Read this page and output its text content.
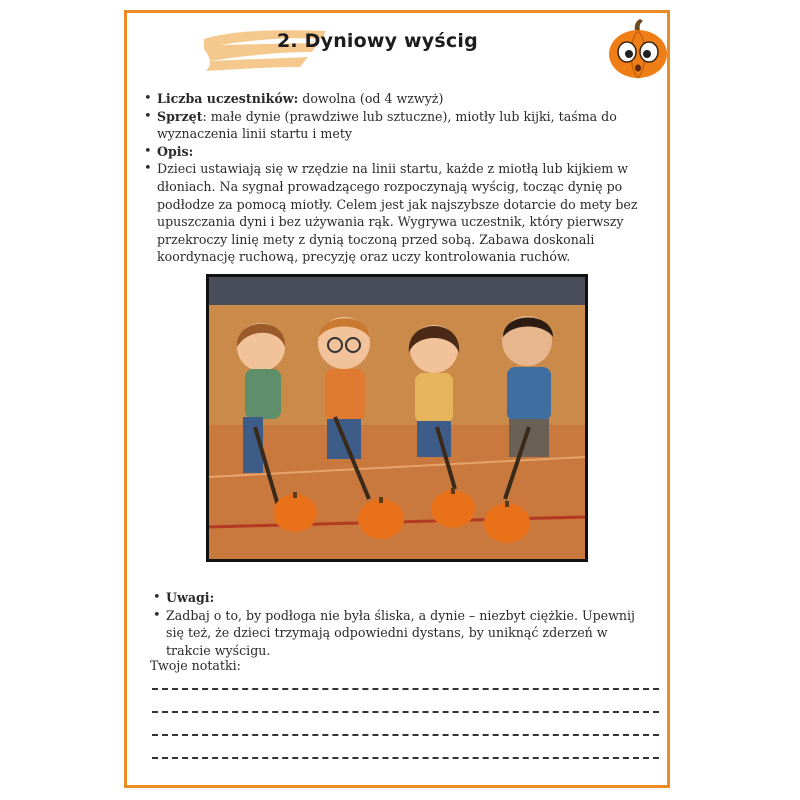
2. Dyniowy wyścig
• Liczba uczestników: dowolna (od 4 wzwyż)
• Sprzęt: małe dynie (prawdziwe lub sztuczne), miotły lub kijki, taśma do wyznaczenia linii startu i mety
• Opis:
• Dzieci ustawiają się w rzędzie na linii startu, każde z miotłą lub kijkiem w dłoniach. Na sygnał prowadzącego rozpoczynają wyścig, tocząc dynię po podłodze za pomocą miotły. Celem jest jak najszybsze dotarcie do mety bez upuszczania dyni i bez używania rąk. Wygrywa uczestnik, który pierwszy przekroczy linię mety z dynią toczoną przed sobą. Zabawa doskonali koordynację ruchową, precyzję oraz uczy kontrolowania ruchów.
• Uwagi:
• Zadbaj o to, by podłoga nie była śliska, a dynie – niezbyt ciężkie. Upewnij się też, że dzieci trzymają odpowiedni dystans, by uniknąć zderzeń w trakcie wyścigu.
Twoje notatki:
